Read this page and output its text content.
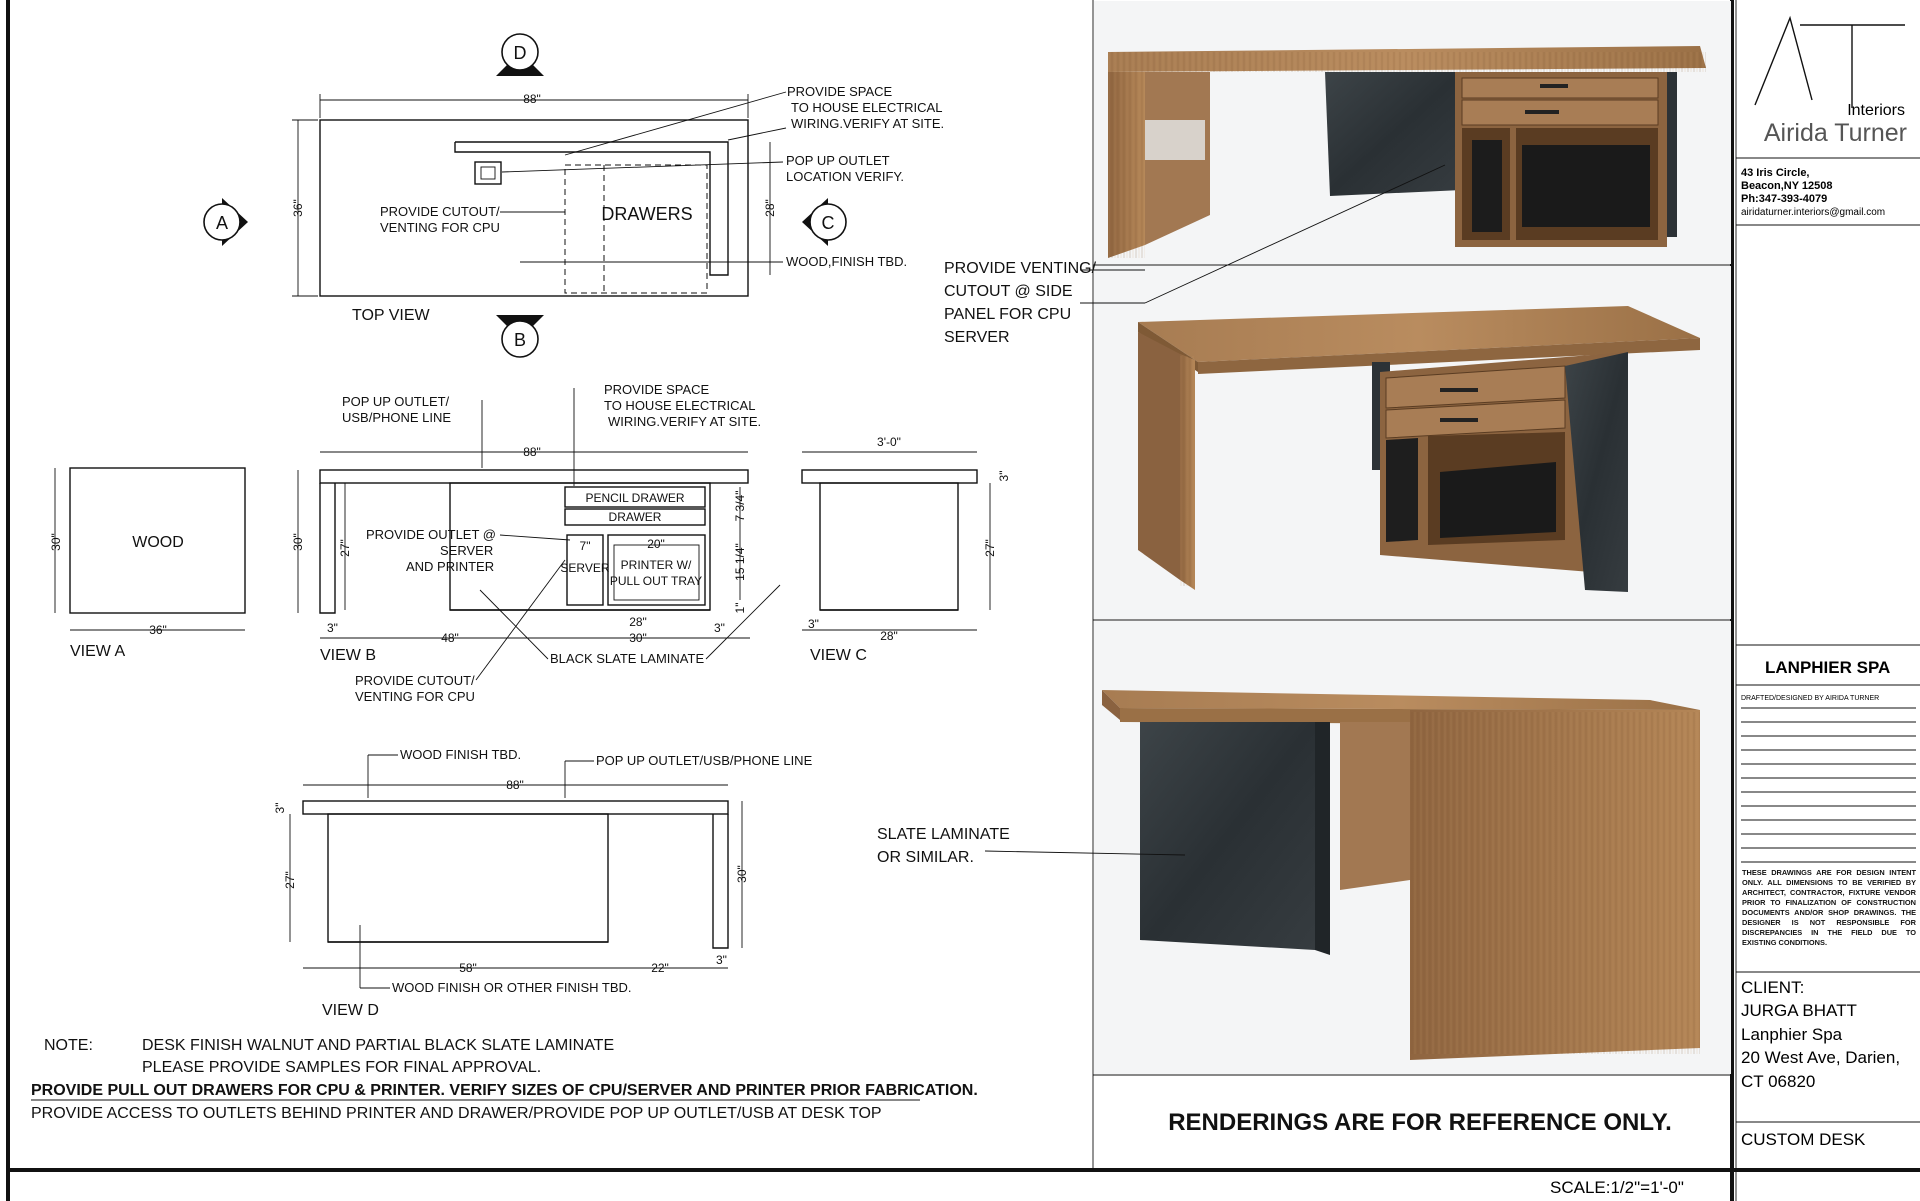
DRAWERS
88"
36"	28"
TOP VIEW
PROVIDE SPACE
TO HOUSE ELECTRICAL
WIRING.VERIFY AT SITE.
POP UP OUTLET
LOCATION VERIFY.
PROVIDE CUTOUT/
VENTING FOR CPU
WOOD,FINISH TBD.
A	C
D
B
WOOD
30"
36"
VIEW A
PENCIL DRAWER
DRAWER
SERVER PRINTER W/
PULL OUT TRAY
7"	20"
88"
30"	27"
7 3/4"
15 1/4"
1"
3"
48"
28"
30"
3"
VIEW B
POP UP OUTLET/
USB/PHONE LINE
PROVIDE SPACE
TO HOUSE ELECTRICAL
WIRING.VERIFY AT SITE.
PROVIDE OUTLET @
SERVER
AND PRINTER
PROVIDE CUTOUT/
VENTING FOR CPU
BLACK SLATE LAMINATE
3'-0"
3"
27"
3"
28"
VIEW C
88"
3"
27"	30"
58"	22"
3"
VIEW D
WOOD FINISH TBD.	POP UP OUTLET/USB/PHONE LINE
WOOD FINISH OR OTHER FINISH TBD.
NOTE:	DESK FINISH WALNUT AND PARTIAL BLACK SLATE LAMINATE
PLEASE PROVIDE SAMPLES FOR FINAL APPROVAL.
PROVIDE PULL OUT DRAWERS FOR CPU & PRINTER. VERIFY SIZES OF CPU/SERVER AND PRINTER PRIOR FABRICATION.
PROVIDE ACCESS TO OUTLETS BEHIND PRINTER AND DRAWER/PROVIDE POP UP OUTLET/USB AT DESK TOP
PROVIDE VENTING/
CUTOUT @ SIDE
PANEL FOR CPU
SERVER
SLATE LAMINATE
OR SIMILAR.
RENDERINGS ARE FOR REFERENCE ONLY.
Interiors
Airida Turner
43 Iris Circle,
Beacon,NY 12508
Ph:347-393-4079
airidaturner.interiors@gmail.com
LANPHIER SPA
DRAFTED/DESIGNED BY AIRIDA TURNER
THESE DRAWINGS ARE FOR DESIGN INTENT ONLY. ALL DIMENSIONS TO BE VERIFIED BY ARCHITECT, CONTRACTOR, FIXTURE VENDOR PRIOR TO FINALIZATION OF CONSTRUCTION DOCUMENTS AND/OR SHOP DRAWINGS. THE DESIGNER IS NOT RESPONSIBLE FOR DISCREPANCIES IN THE FIELD DUE TO EXISTING CONDITIONS.
CLIENT:
JURGA BHATT
Lanphier Spa
20 West Ave, Darien,
CT 06820
CUSTOM DESK
SCALE:1/2"=1'-0"
